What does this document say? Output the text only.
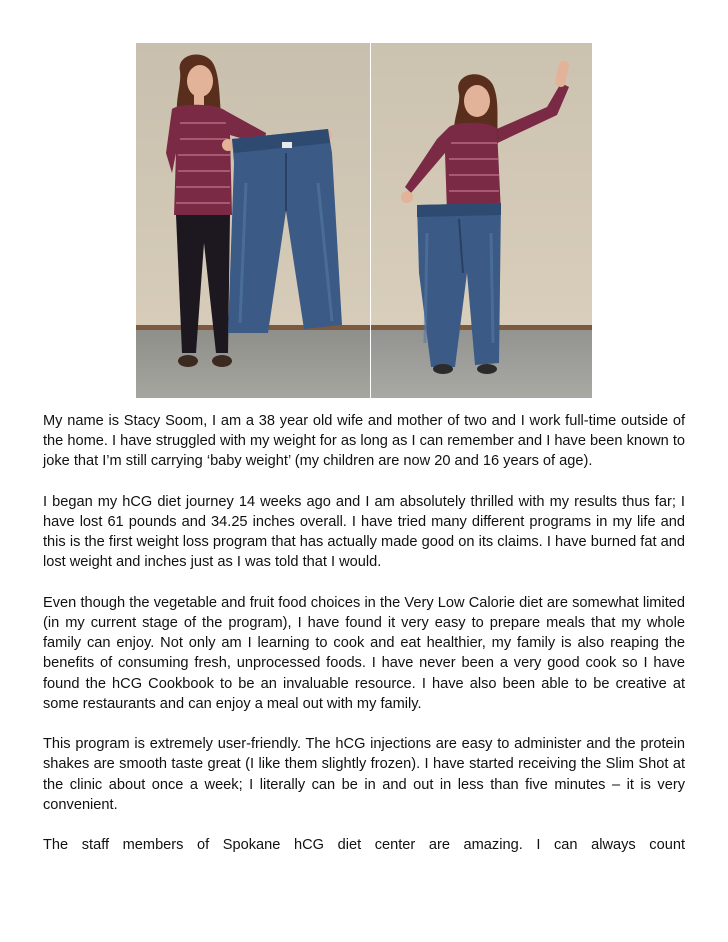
My name is Stacy Soom, I am a 38 year old wife and mother of two and I work full-time outside of the home. I have struggled with my weight for as long as I can remember and I have been known to joke that I’m still carrying ‘baby weight’ (my children are now 20 and 16 years of age).

I began my hCG diet journey 14 weeks ago and I am absolutely thrilled with my results thus far; I have lost 61 pounds and 34.25 inches overall. I have tried many different programs in my life and this is the first weight loss program that has actually made good on its claims. I have burned fat and lost weight and inches just as I was told that I would.

Even though the vegetable and fruit food choices in the Very Low Calorie diet are somewhat limited (in my current stage of the program), I have found it very easy to prepare meals that my whole family can enjoy. Not only am I learning to cook and eat healthier, my family is also reaping the benefits of consuming fresh, unprocessed foods. I have never been a very good cook so I have found the hCG Cookbook to be an invaluable resource. I have also been able to be creative at some restaurants and can enjoy a meal out with my family.

This program is extremely user-friendly. The hCG injections are easy to administer and the protein shakes are smooth taste great (I like them slightly frozen). I have started receiving the Slim Shot at the clinic about once a week; I literally can be in and out in less than five minutes – it is very convenient.

The staff members of Spokane hCG diet center are amazing. I can always count
